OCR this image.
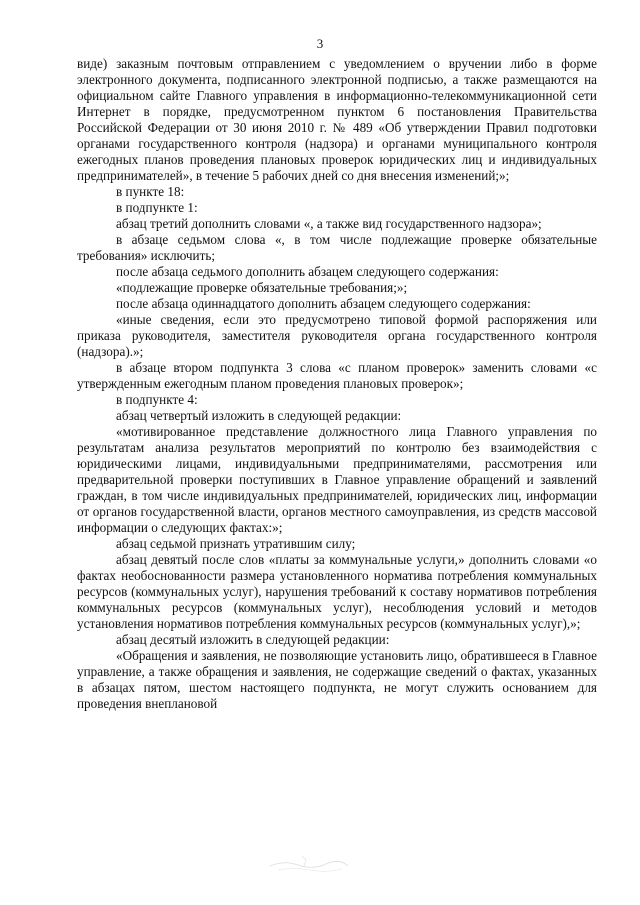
3

виде) заказным почтовым отправлением с уведомлением о вручении либо в форме электронного документа, подписанного электронной подписью, а также размещаются на официальном сайте Главного управления в информационно-телекоммуникационной сети Интернет в порядке, предусмотренном пунктом 6 постановления Правительства Российской Федерации от 30 июня 2010 г. № 489 «Об утверждении Правил подготовки органами государственного контроля (надзора) и органами муниципального контроля ежегодных планов проведения плановых проверок юридических лиц и индивидуальных предпринимателей», в течение 5 рабочих дней со дня внесения изменений;»;

в пункте 18:

в подпункте 1:

абзац третий дополнить словами «, а также вид государственного надзора»;

в абзаце седьмом слова «, в том числе подлежащие проверке обязательные требования» исключить;

после абзаца седьмого дополнить абзацем следующего содержания:

«подлежащие проверке обязательные требования;»;

после абзаца одиннадцатого дополнить абзацем следующего содержания:

«иные сведения, если это предусмотрено типовой формой распоряжения или приказа руководителя, заместителя руководителя органа государственного контроля (надзора).»;

в абзаце втором подпункта 3 слова «с планом проверок» заменить словами «с утвержденным ежегодным планом проведения плановых проверок»;

в подпункте 4:

абзац четвертый изложить в следующей редакции:

«мотивированное представление должностного лица Главного управления по результатам анализа результатов мероприятий по контролю без взаимодействия с юридическими лицами, индивидуальными предпринимателями, рассмотрения или предварительной проверки поступивших в Главное управление обращений и заявлений граждан, в том числе индивидуальных предпринимателей, юридических лиц, информации от органов государственной власти, органов местного самоуправления, из средств массовой информации о следующих фактах:»;

абзац седьмой признать утратившим силу;

абзац девятый после слов «платы за коммунальные услуги,» дополнить словами «о фактах необоснованности размера установленного норматива потребления коммунальных ресурсов (коммунальных услуг), нарушения требований к составу нормативов потребления коммунальных ресурсов (коммунальных услуг), несоблюдения условий и методов установления нормативов потребления коммунальных ресурсов (коммунальных услуг),»;

абзац десятый изложить в следующей редакции:

«Обращения и заявления, не позволяющие установить лицо, обратившееся в Главное управление, а также обращения и заявления, не содержащие сведений о фактах, указанных в абзацах пятом, шестом настоящего подпункта, не могут служить основанием для проведения внеплановой
